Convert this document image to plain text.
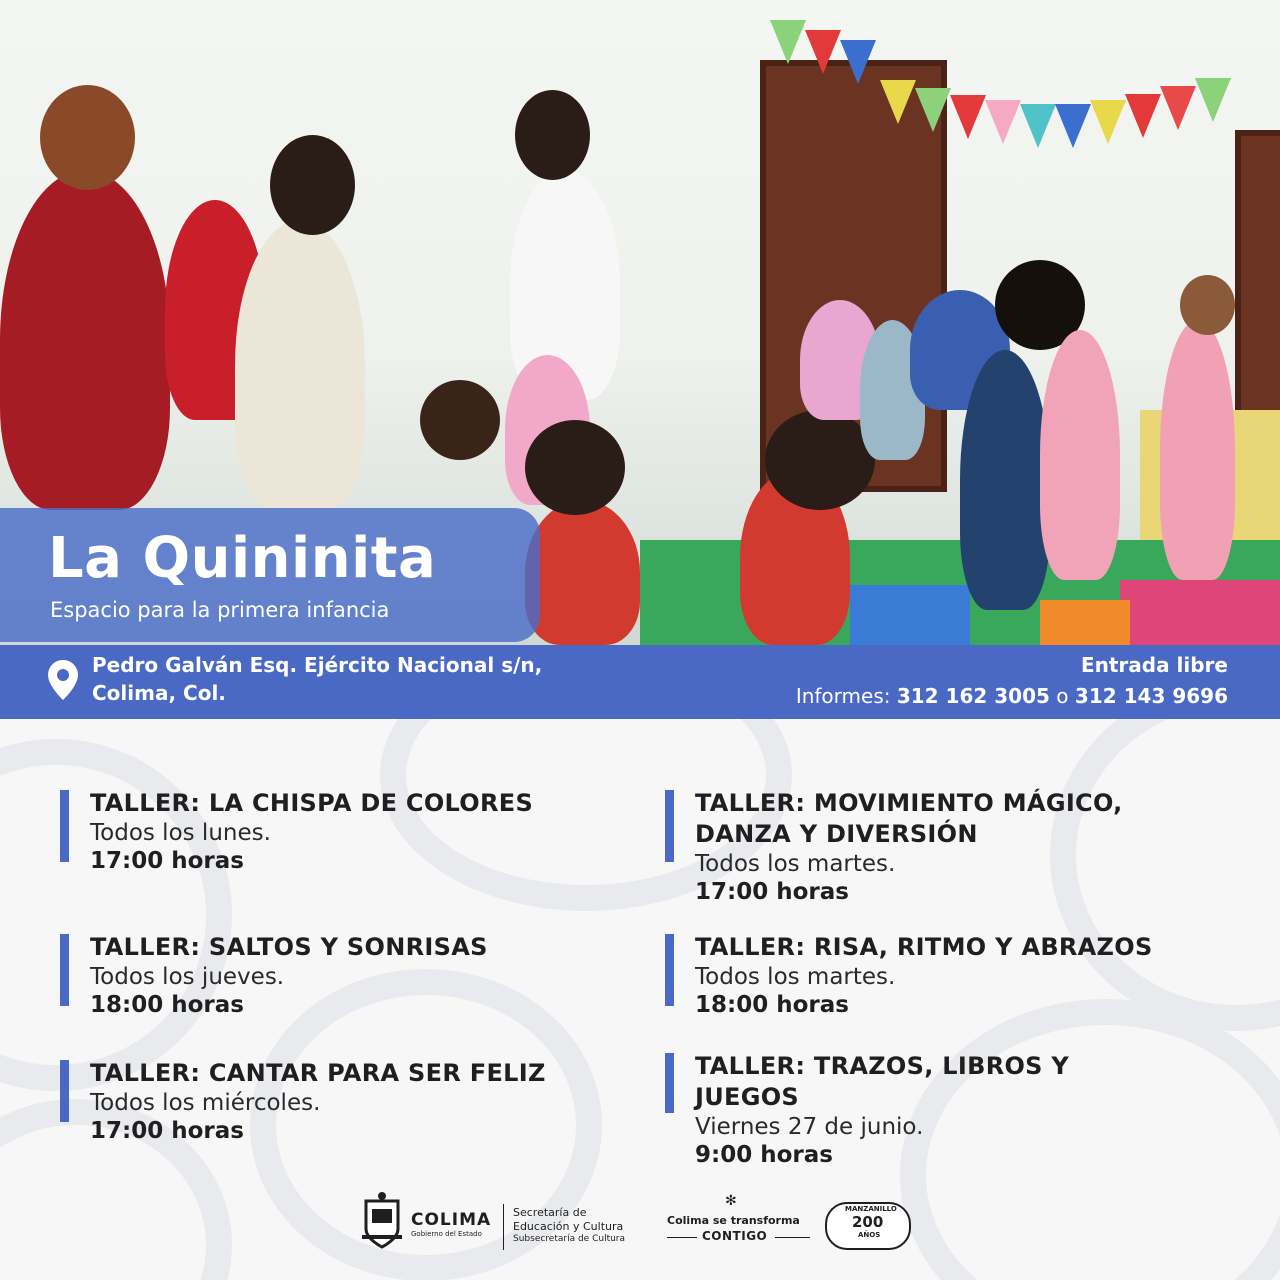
La Quininita

Espacio para la primera infancia

Pedro Galván Esq. Ejército Nacional s/n,
Colima, Col.
Entrada libre
Informes: 312 162 3005 o 312 143 9696
TALLER: LA CHISPA DE COLORES
Todos los lunes.
17:00 horas
TALLER: MOVIMIENTO MÁGICO, DANZA Y DIVERSIÓN
Todos los martes.
17:00 horas
TALLER: SALTOS Y SONRISAS
Todos los jueves.
18:00 horas
TALLER: RISA, RITMO Y ABRAZOS
Todos los martes.
18:00 horas
TALLER: CANTAR PARA SER FELIZ
Todos los miércoles.
17:00 horas
TALLER: TRAZOS, LIBROS Y JUEGOS
Viernes 27 de junio.
9:00 horas
COLIMA
Gobierno del Estado
Secretaría de
Educación y Cultura
Subsecretaría de Cultura
✻
Colima se transforma
CONTIGO
MANZANILLO
200
AÑOS
